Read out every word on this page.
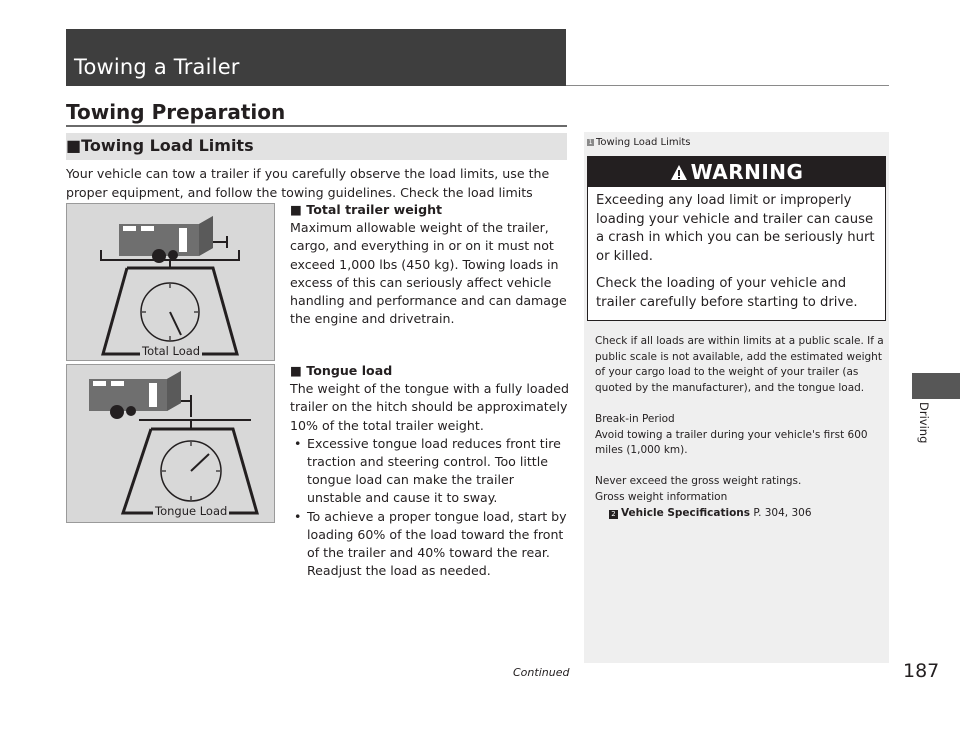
Towing a Trailer
Towing Preparation
■Towing Load Limits
Your vehicle can tow a trailer if you carefully observe the load limits, use the proper equipment, and follow the towing guidelines. Check the load limits
Total Load
Tongue Load
■ Total trailer weight
Maximum allowable weight of the trailer, cargo, and everything in or on it must not exceed 1,000 lbs (450 kg). Towing loads in excess of this can seriously affect vehicle handling and performance and can damage the engine and drivetrain.
■ Tongue load
The weight of the tongue with a fully loaded trailer on the hitch should be approximately 10% of the total trailer weight.
• Excessive tongue load reduces front tire traction and steering control. Too little tongue load can make the trailer unstable and cause it to sway.
• To achieve a proper tongue load, start by loading 60% of the load toward the front of the trailer and 40% toward the rear. Readjust the load as needed.
1 Towing Load Limits
WARNING

Exceeding any load limit or improperly loading your vehicle and trailer can cause a crash in which you can be seriously hurt or killed.

Check the loading of your vehicle and trailer carefully before starting to drive.

Check if all loads are within limits at a public scale. If a public scale is not available, add the estimated weight of your cargo load to the weight of your trailer (as quoted by the manufacturer), and the tongue load.

Break-in Period
Avoid towing a trailer during your vehicle's first 600 miles (1,000 km).

Never exceed the gross weight ratings.
Gross weight information
2 Vehicle Specifications P. 304, 306
Driving
Continued	187
